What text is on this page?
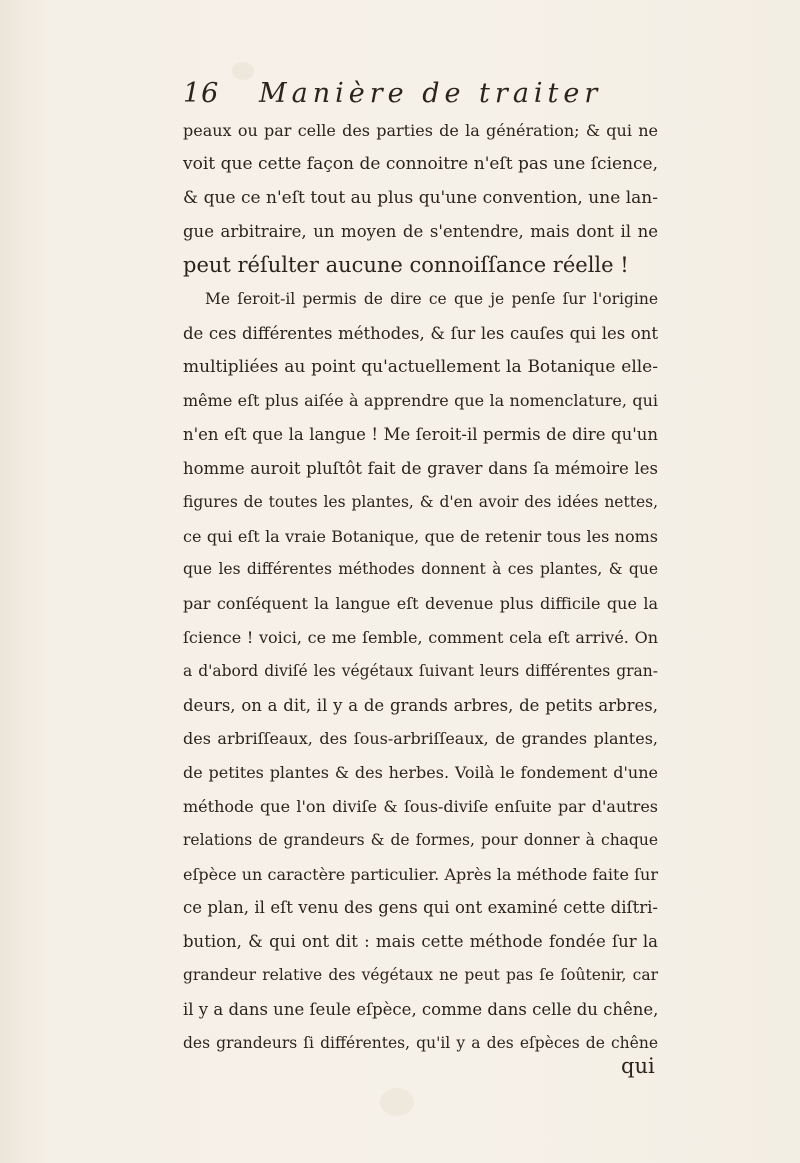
16 Manière de traiter
peaux ou par celle des parties de la génération; & qui ne
voit que cette façon de connoitre n'eſt pas une ſcience,
& que ce n'eſt tout au plus qu'une convention, une lan-
gue arbitraire, un moyen de s'entendre, mais dont il ne
peut réſulter aucune connoiſſance réelle !
Me ſeroit-il permis de dire ce que je penſe ſur l'origine
de ces différentes méthodes, & ſur les cauſes qui les ont
multipliées au point qu'actuellement la Botanique elle-
même eſt plus aiſée à apprendre que la nomenclature, qui
n'en eſt que la langue ! Me ſeroit-il permis de dire qu'un
homme auroit pluſtôt fait de graver dans ſa mémoire les
figures de toutes les plantes, & d'en avoir des idées nettes,
ce qui eſt la vraie Botanique, que de retenir tous les noms
que les différentes méthodes donnent à ces plantes, & que
par conſéquent la langue eſt devenue plus difficile que la
ſcience ! voici, ce me ſemble, comment cela eſt arrivé. On
a d'abord diviſé les végétaux ſuivant leurs différentes gran-
deurs, on a dit, il y a de grands arbres, de petits arbres,
des arbriſſeaux, des ſous-arbriſſeaux, de grandes plantes,
de petites plantes & des herbes. Voilà le fondement d'une
méthode que l'on diviſe & ſous-diviſe enſuite par d'autres
relations de grandeurs & de formes, pour donner à chaque
eſpèce un caractère particulier. Après la méthode faite ſur
ce plan, il eſt venu des gens qui ont examiné cette diſtri-
bution, & qui ont dit : mais cette méthode fondée ſur la
grandeur relative des végétaux ne peut pas ſe ſoûtenir, car
il y a dans une ſeule eſpèce, comme dans celle du chêne,
des grandeurs ſi différentes, qu'il y a des eſpèces de chêne
qui
